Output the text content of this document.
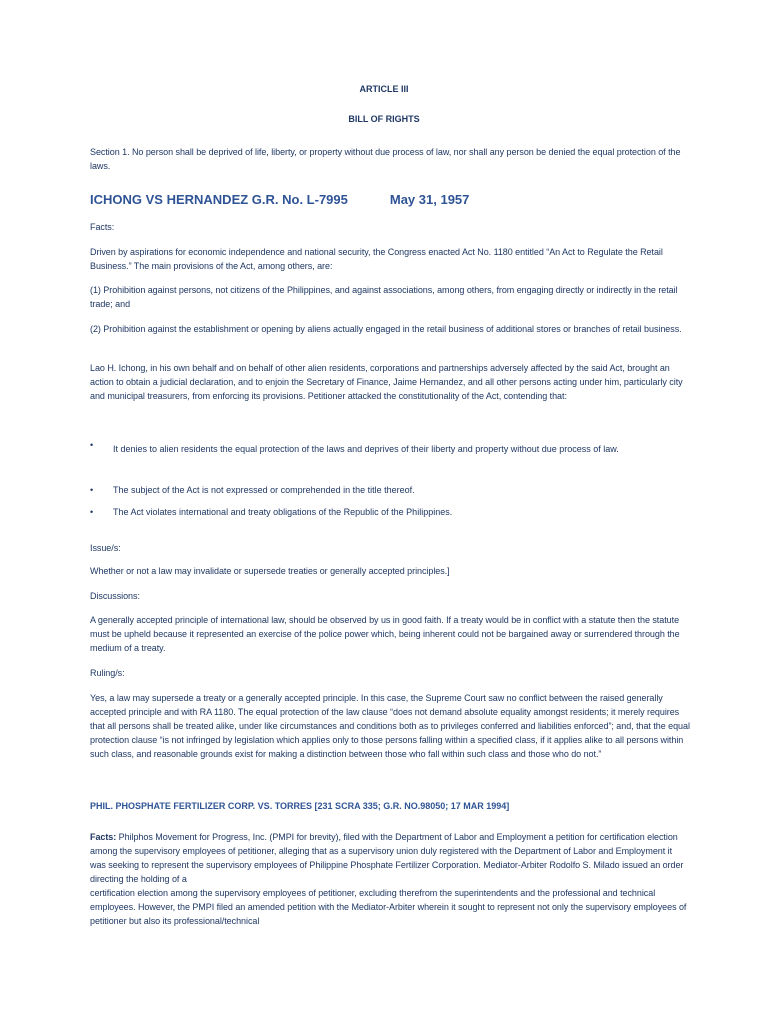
ARTICLE III
BILL OF RIGHTS

Section 1. No person shall be deprived of life, liberty, or property without due process of law, nor shall any person be denied the equal protection of the laws.

ICHONG VS HERNANDEZ G.R. No. L-7995	May 31, 1957

Facts:

Driven by aspirations for economic independence and national security, the Congress enacted Act No. 1180 entitled “An Act to Regulate the Retail Business.” The main provisions of the Act, among others, are:

(1) Prohibition against persons, not citizens of the Philippines, and against associations, among others, from engaging directly or indirectly in the retail trade; and

(2) Prohibition against the establishment or opening by aliens actually engaged in the retail business of additional stores or branches of retail business.

Lao H. Ichong, in his own behalf and on behalf of other alien residents, corporations and partnerships adversely affected by the said Act, brought an action to obtain a judicial declaration, and to enjoin the Secretary of Finance, Jaime Hernandez, and all other persons acting under him, particularly city and municipal treasurers, from enforcing its provisions. Petitioner attacked the constitutionality of the Act, contending that:

• It denies to alien residents the equal protection of the laws and deprives of their liberty and property without due process of law.
• The subject of the Act is not expressed or comprehended in the title thereof.
• The Act violates international and treaty obligations of the Republic of the Philippines.

Issue/s:

Whether or not a law may invalidate or supersede treaties or generally accepted principles.]

Discussions:

A generally accepted principle of international law, should be observed by us in good faith. If a treaty would be in conflict with a statute then the statute must be upheld because it represented an exercise of the police power which, being inherent could not be bargained away or surrendered through the medium of a treaty.

Ruling/s:

Yes, a law may supersede a treaty or a generally accepted principle. In this case, the Supreme Court saw no conflict between the raised generally accepted principle and with RA 1180. The equal protection of the law clause “does not demand absolute equality amongst residents; it merely requires that all persons shall be treated alike, under like circumstances and conditions both as to privileges conferred and liabilities enforced”; and, that the equal protection clause “is not infringed by legislation which applies only to those persons falling within a specified class, if it applies alike to all persons within such class, and reasonable grounds exist for making a distinction between those who fall within such class and those who do not.”

PHIL. PHOSPHATE FERTILIZER CORP. VS. TORRES [231 SCRA 335; G.R. NO.98050; 17 MAR 1994]

Facts: Philphos Movement for Progress, Inc. (PMPI for brevity), filed with the Department of Labor and Employment a petition for certification election among the supervisory employees of petitioner, alleging that as a supervisory union duly registered with the Department of Labor and Employment it was seeking to represent the supervisory employees of Philippine Phosphate Fertilizer Corporation. Mediator-Arbiter Rodolfo S. Milado issued an order directing the holding of a

certification election among the supervisory employees of petitioner, excluding therefrom the superintendents and the professional and technical employees. However, the PMPI filed an amended petition with the Mediator-Arbiter wherein it sought to represent not only the supervisory employees of petitioner but also its professional/technical
